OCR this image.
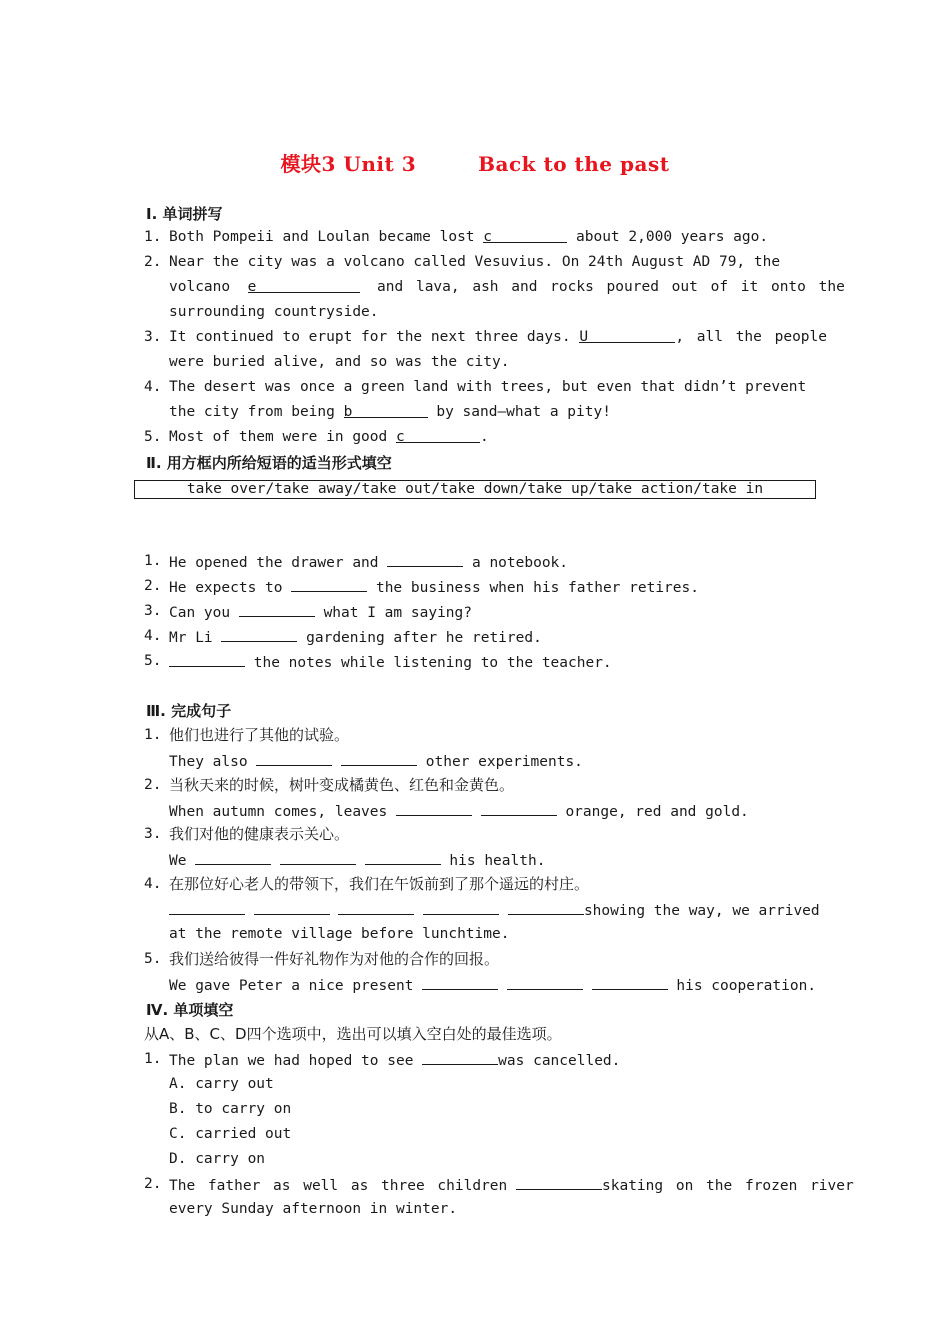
模块3 Unit 3	Back to the past
Ⅰ. 单词拼写
1. Both Pompeii and Loulan became lost c	about 2,000 years ago.
2. Near the city was a volcano called Vesuvius. On 24th August AD 79, the
volcano e	and lava, ash and rocks poured out of it onto the
surrounding countryside.
3. It continued to erupt for the next three days. U	, all the people
were buried alive, and so was the city.
4. The desert was once a green land with trees, but even that didn’t prevent
the city from being b	by sand—what a pity!
5. Most of them were in good c	.
Ⅱ. 用方框内所给短语的适当形式填空
take over/take away/take out/take down/take up/take action/take in
1. He opened the drawer and	a notebook.
2. He expects to	the business when his father retires.
3. Can you	what I am saying?
4. Mr Li	gardening after he retired.
5.	the notes while listening to the teacher.
Ⅲ. 完成句子
1. 他们也进行了其他的试验。
They also	other experiments.
2. 当秋天来的时候，树叶变成橘黄色、红色和金黄色。
When autumn comes, leaves	orange, red and gold.
3. 我们对他的健康表示关心。
We	his health.
4. 在那位好心老人的带领下，我们在午饭前到了那个遥远的村庄。
showing the way, we arrived
at the remote village before lunchtime.
5. 我们送给彼得一件好礼物作为对他的合作的回报。
We gave Peter a nice present	his cooperation.
Ⅳ. 单项填空
从A、B、C、D四个选项中，选出可以填入空白处的最佳选项。
1. The plan we had hoped to see	was cancelled.
A. carry out
B. to carry on
C. carried out
D. carry on
2. The father as well as three children	skating on the frozen river
every Sunday afternoon in winter.
